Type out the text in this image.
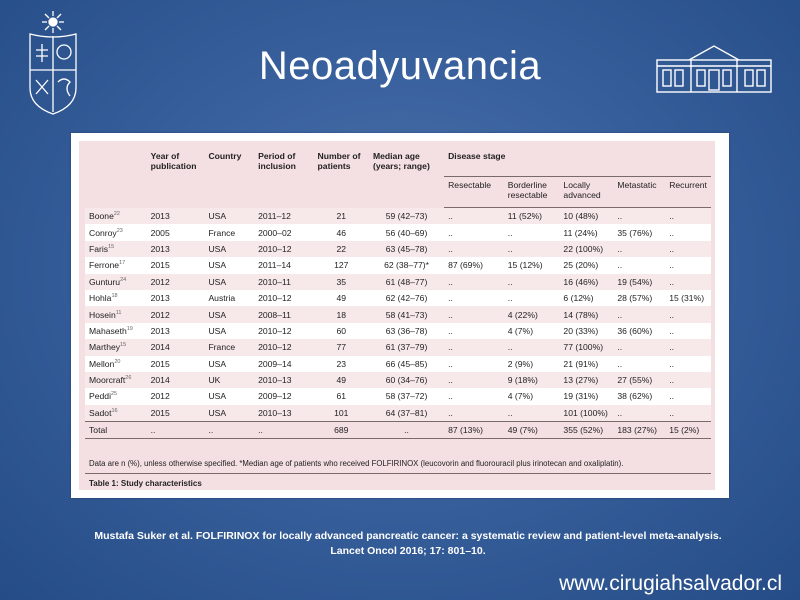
Neoadyuvancia
	Year of publication	Country	Period of inclusion	Number of patients	Median age (years; range)	Disease stage				
						Resectable	Borderline resectable	Locally advanced	Metastatic	Recurrent
Boone$^{22}$	2013	USA	2011–12	21	59 (42–73)	..	11 (52%)	10 (48%)	..	..
Conroy$^{23}$	2005	France	2000–02	46	56 (40–69)	..	..	11 (24%)	35 (76%)	..
Faris$^{15}$	2013	USA	2010–12	22	63 (45–78)	..	..	22 (100%)	..	..
Ferrone$^{17}$	2015	USA	2011–14	127	62 (38–77)*	87 (69%)	15 (12%)	25 (20%)	..	..
Gunturu$^{24}$	2012	USA	2010–11	35	61 (48–77)	..	..	16 (46%)	19 (54%)	..
Hohla$^{18}$	2013	Austria	2010–12	49	62 (42–76)	..	..	6 (12%)	28 (57%)	15 (31%)
Hosein$^{11}$	2012	USA	2008–11	18	58 (41–73)	..	4 (22%)	14 (78%)	..	..
Mahaseth$^{19}$	2013	USA	2010–12	60	63 (36–78)	..	4 (7%)	20 (33%)	36 (60%)	..
Marthey$^{15}$	2014	France	2010–12	77	61 (37–79)	..	..	77 (100%)	..	..
Mellon$^{20}$	2015	USA	2009–14	23	66 (45–85)	..	2 (9%)	21 (91%)	..	..
Moorcraft$^{26}$	2014	UK	2010–13	49	60 (34–76)	..	9 (18%)	13 (27%)	27 (55%)	..
Peddi$^{25}$	2012	USA	2009–12	61	58 (37–72)	..	4 (7%)	19 (31%)	38 (62%)	..
Sadot$^{16}$	2015	USA	2010–13	101	64 (37–81)	..	..	101 (100%)	..	..
Total	..	..	..	689	..	87 (13%)	49 (7%)	355 (52%)	183 (27%)	15 (2%)
Data are n (%), unless otherwise specified. *Median age of patients who received FOLFIRINOX (leucovorin and fluorouracil plus irinotecan and oxaliplatin).
Table 1: Study characteristics
Mustafa Suker et al. FOLFIRINOX for locally advanced pancreatic cancer: a systematic review and patient-level meta-analysis. Lancet Oncol 2016; 17: 801–10.
www.cirugiahsalvador.cl
